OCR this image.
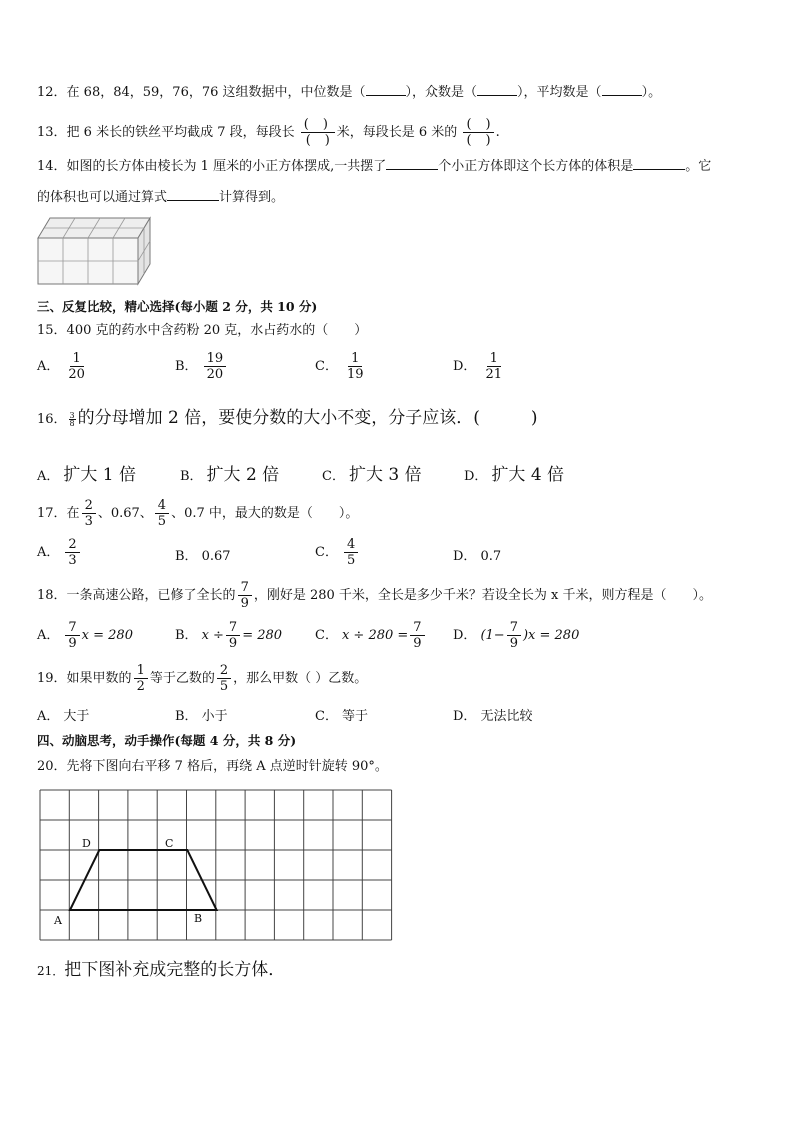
12．在 68，84，59，76，76 这组数据中，中位数是（	），众数是（	），平均数是（	）。
13．把 6 米长的铁丝平均截成 7 段，每段长 $\frac{( )}{( )}$ 米，每段长是 6 米的 $\frac{( )}{( )}$ .
14．如图的长方体由棱长为 1 厘米的小正方体摆成,一共摆了	个小正方体即这个长方体的体积是	。它
的体积也可以通过算式	计算得到。
三、反复比较，精心选择(每小题 2 分，共 10 分)
15．400 克的药水中含药粉 20 克，水占药水的（　　）
A． $\frac{1}{20}$	B． $\frac{19}{20}$	C． $\frac{1}{19}$	D． $\frac{1}{21}$
16． $\frac{3}{8}$ 的分母增加 2 倍，要使分数的大小不变，分子应该．(　　　)
A． 扩大 1 倍	B． 扩大 2 倍	C． 扩大 3 倍	D． 扩大 4 倍
17．在 $\frac{2}{3}$ 、0.67、 $\frac{4}{5}$ 、0.7 中，最大的数是（　　）。
A． $\frac{2}{3}$	B． 0.67	C． $\frac{4}{5}$	D． 0.7
18．一条高速公路，已修了全长的 $\frac{7}{9}$ ，刚好是 280 千米，全长是多少千米？若设全长为 x 千米，则方程是（　　）。
A． $\frac{7}{9}$ x = 280	B． $x \div \frac{7}{9} = 280$	C． $x \div 280 = \frac{7}{9}$ D． $(1- \frac{7}{9} )x = 280$
19．如果甲数的 $\frac{1}{2}$ 等于乙数的 $\frac{2}{5}$ ，那么甲数（ ）乙数。
A． 大于	B． 小于	C． 等于	D． 无法比较
四、动脑思考，动手操作(每题 4 分，共 8 分)
20．先将下图向右平移 7 格后，再绕 A 点逆时针旋转 90°。
A
D	C
B
21．把下图补充成完整的长方体．
